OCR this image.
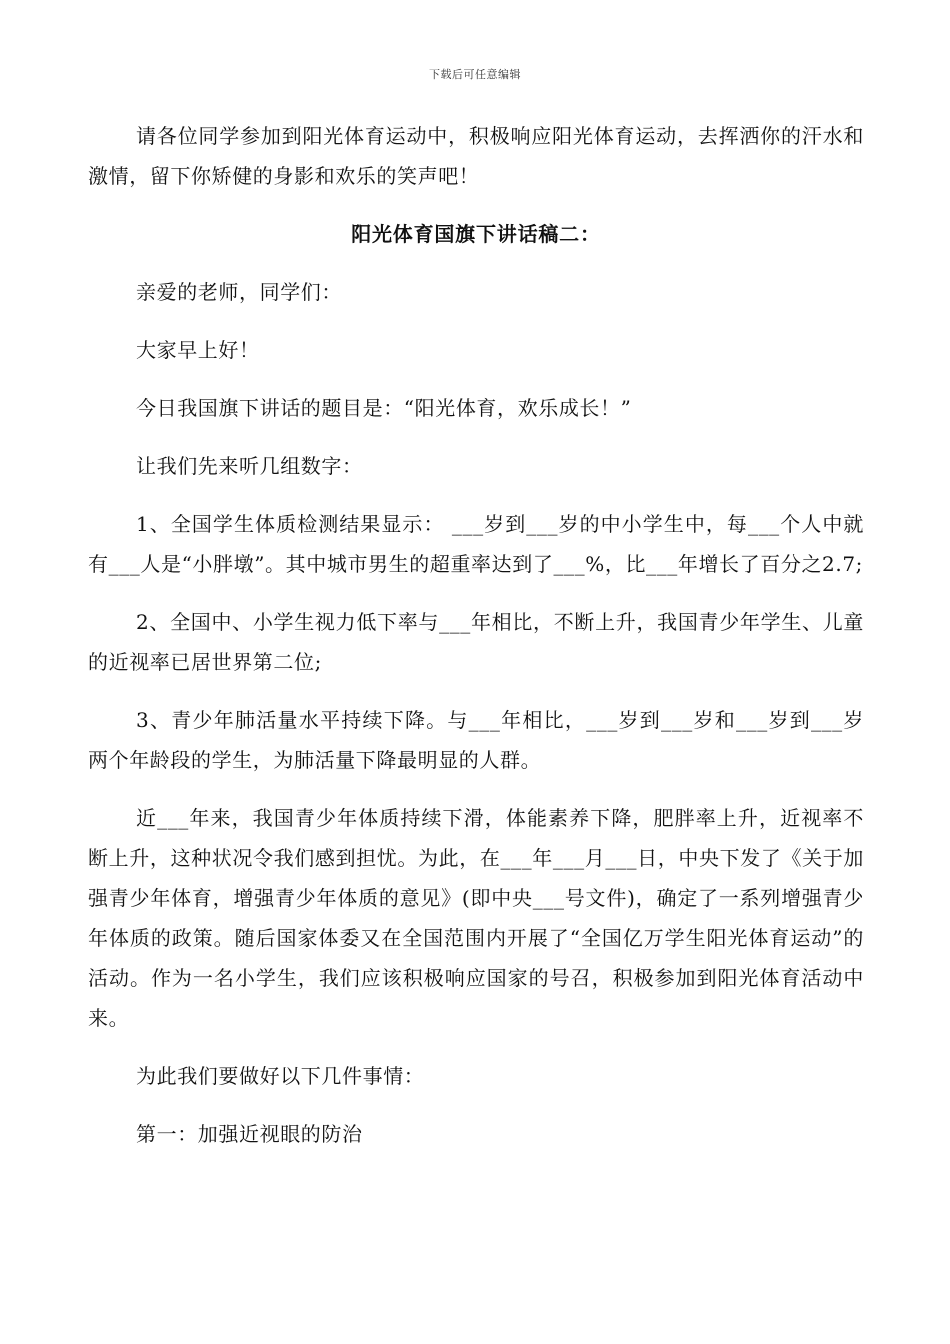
下载后可任意编辑

请各位同学参加到阳光体育运动中，积极响应阳光体育运动，去挥洒你的汗水和激情，留下你矫健的身影和欢乐的笑声吧！

阳光体育国旗下讲话稿二：

亲爱的老师，同学们：

大家早上好！

今日我国旗下讲话的题目是：“阳光体育，欢乐成长！”

让我们先来听几组数字：

1、全国学生体质检测结果显示： ___岁到___岁的中小学生中，每___个人中就有___人是“小胖墩”。其中城市男生的超重率达到了___%，比___年增长了百分之2.7;

2、全国中、小学生视力低下率与___年相比，不断上升，我国青少年学生、儿童的近视率已居世界第二位;

3、青少年肺活量水平持续下降。与___年相比，___岁到___岁和___岁到___岁两个年龄段的学生，为肺活量下降最明显的人群。

近___年来，我国青少年体质持续下滑，体能素养下降，肥胖率上升，近视率不断上升，这种状况令我们感到担忧。为此，在___年___月___日，中央下发了《关于加强青少年体育，增强青少年体质的意见》(即中央___号文件)，确定了一系列增强青少年体质的政策。随后国家体委又在全国范围内开展了“全国亿万学生阳光体育运动”的活动。作为一名小学生，我们应该积极响应国家的号召，积极参加到阳光体育活动中来。

为此我们要做好以下几件事情：

第一：加强近视眼的防治
